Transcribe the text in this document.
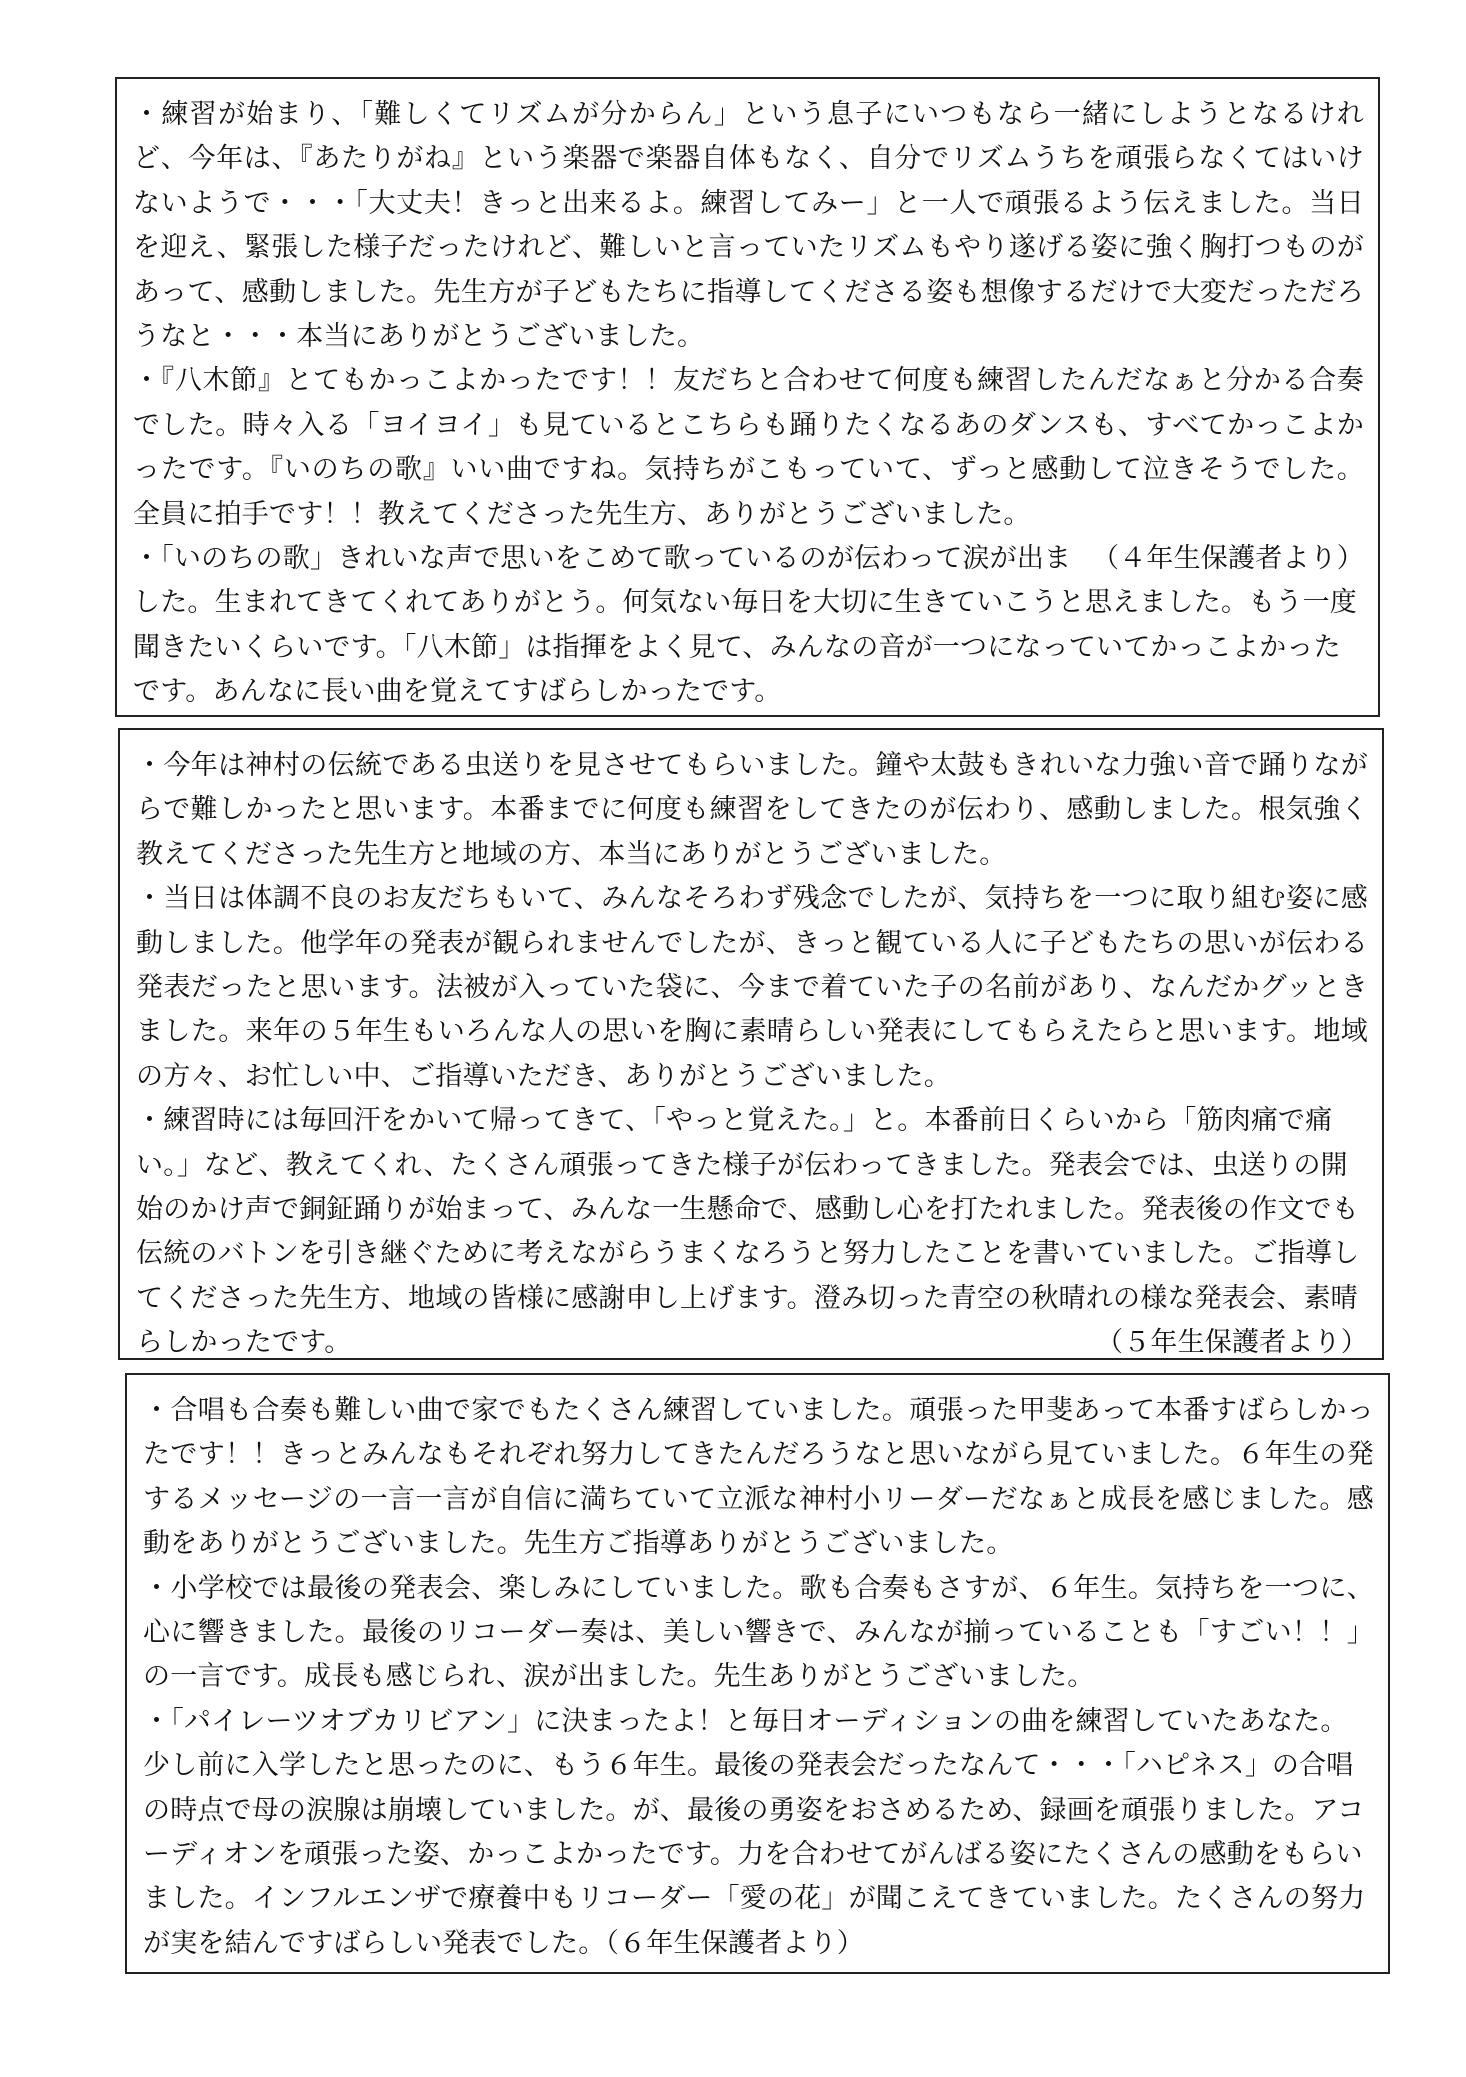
・練習が始まり、「難しくてリズムが分からん」という息子にいつもなら一緒にしようとなるけれど、今年は、『あたりがね』という楽器で楽器自体もなく、自分でリズムうちを頑張らなくてはいけないようで・・・「大丈夫！きっと出来るよ。練習してみー」と一人で頑張るよう伝えました。当日を迎え、緊張した様子だったけれど、難しいと言っていたリズムもやり遂げる姿に強く胸打つものがあって、感動しました。先生方が子どもたちに指導してくださる姿も想像するだけで大変だっただろうなと・・・本当にありがとうございました。

・『八木節』とてもかっこよかったです！！友だちと合わせて何度も練習したんだなぁと分かる合奏でした。時々入る「ヨイヨイ」も見ているとこちらも踊りたくなるあのダンスも、すべてかっこよかったです。『いのちの歌』いい曲ですね。気持ちがこもっていて、ずっと感動して泣きそうでした。全員に拍手です！！教えてくださった先生方、ありがとうございました。

（４年生保護者より）
・「いのちの歌」きれいな声で思いをこめて歌っているのが伝わって涙が出ました。生まれてきてくれてありがとう。何気ない毎日を大切に生きていこうと思えました。もう一度聞きたいくらいです。「八木節」は指揮をよく見て、みんなの音が一つになっていてかっこよかったです。あんなに長い曲を覚えてすばらしかったです。

・今年は神村の伝統である虫送りを見させてもらいました。鐘や太鼓もきれいな力強い音で踊りながらで難しかったと思います。本番までに何度も練習をしてきたのが伝わり、感動しました。根気強く教えてくださった先生方と地域の方、本当にありがとうございました。

・当日は体調不良のお友だちもいて、みんなそろわず残念でしたが、気持ちを一つに取り組む姿に感動しました。他学年の発表が観られませんでしたが、きっと観ている人に子どもたちの思いが伝わる発表だったと思います。法被が入っていた袋に、今まで着ていた子の名前があり、なんだかグッときました。来年の５年生もいろんな人の思いを胸に素晴らしい発表にしてもらえたらと思います。地域の方々、お忙しい中、ご指導いただき、ありがとうございました。

・練習時には毎回汗をかいて帰ってきて、「やっと覚えた。」と。本番前日くらいから「筋肉痛で痛い。」など、教えてくれ、たくさん頑張ってきた様子が伝わってきました。発表会では、虫送りの開始のかけ声で銅鉦踊りが始まって、みんな一生懸命で、感動し心を打たれました。発表後の作文でも伝統のバトンを引き継ぐために考えながらうまくなろうと努力したことを書いていました。ご指導してくださった先生方、地域の皆様に感謝申し上げます。澄み切った青空の秋晴れの様な発表会、素晴らしかったです。	（５年生保護者より）

・合唱も合奏も難しい曲で家でもたくさん練習していました。頑張った甲斐あって本番すばらしかったです！！きっとみんなもそれぞれ努力してきたんだろうなと思いながら見ていました。６年生の発するメッセージの一言一言が自信に満ちていて立派な神村小リーダーだなぁと成長を感じました。感動をありがとうございました。先生方ご指導ありがとうございました。

・小学校では最後の発表会、楽しみにしていました。歌も合奏もさすが、６年生。気持ちを一つに、心に響きました。最後のリコーダー奏は、美しい響きで、みんなが揃っていることも「すごい！！」の一言です。成長も感じられ、涙が出ました。先生ありがとうございました。

・「パイレーツオブカリビアン」に決まったよ！と毎日オーディションの曲を練習していたあなた。少し前に入学したと思ったのに、もう６年生。最後の発表会だったなんて・・・「ハピネス」の合唱の時点で母の涙腺は崩壊していました。が、最後の勇姿をおさめるため、録画を頑張りました。アコーディオンを頑張った姿、かっこよかったです。力を合わせてがんばる姿にたくさんの感動をもらいました。インフルエンザで療養中もリコーダー「愛の花」が聞こえてきていました。たくさんの努力が実を結んですばらしい発表でした。（６年生保護者より）
